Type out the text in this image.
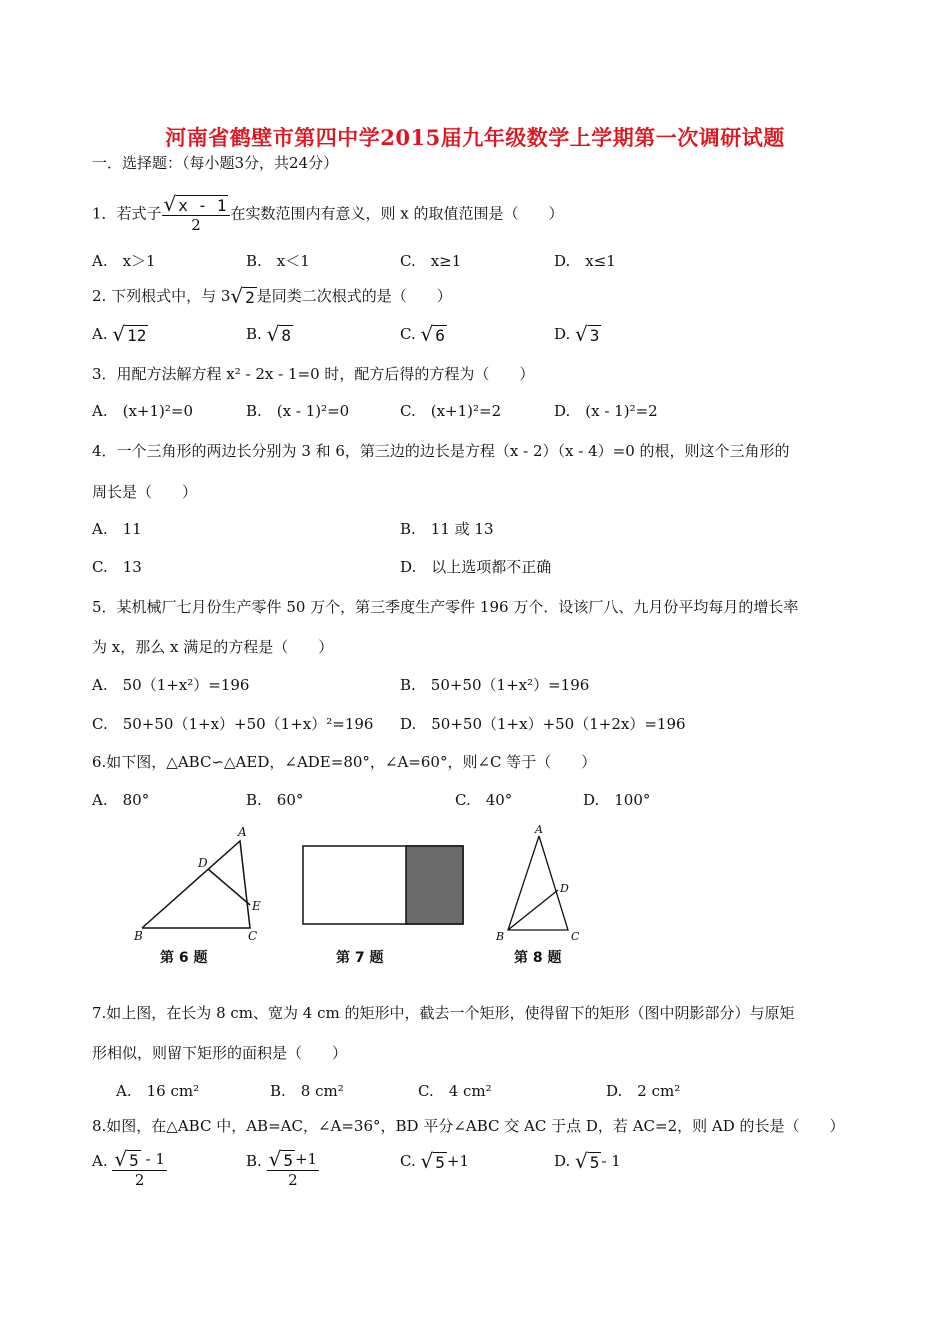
河南省鹤壁市第四中学2015届九年级数学上学期第一次调研试题
一．选择题：（每小题3分，共24分）
1．若式子 $\frac{√ x - 1}{2}$ 在实数范围内有意义，则 x 的取值范围是（　　）
A.　x＞1	B.　x＜1	C.　x≥1	D.　x≤1
2. 下列根式中，与 3√ 2 是同类二次根式的是（　　）
A. √ 12	B. √ 8	C. √ 6	D. √ 3
3．用配方法解方程 x² - 2x - 1=0 时，配方后得的方程为（　　）
A.　(x+1)²=0	B.　(x - 1)²=0	C.　(x+1)²=2	D.　(x - 1)²=2
4．一个三角形的两边长分别为 3 和 6，第三边的边长是方程（x - 2）（x - 4）=0 的根，则这个三角形的
周长是（　　）
A.　11	B.　11 或 13
C.　13	D.　以上选项都不正确
5．某机械厂七月份生产零件 50 万个，第三季度生产零件 196 万个．设该厂八、九月份平均每月的增长率
为 x，那么 x 满足的方程是（　　）
A.　50（1+x²）=196	B.　50+50（1+x²）=196
C.　50+50（1+x）+50（1+x）²=196 D.　50+50（1+x）+50（1+2x）=196
6.如下图，△ABC∽△AED，∠ADE=80°，∠A=60°，则∠C 等于（　　）
A.　80°	B.　60°	C.　40°	D.　100°
A
D
E
B	C
第 6 题	第 7 题
A
D
B	C
第 8 题
7.如上图，在长为 8 cm、宽为 4 cm 的矩形中，截去一个矩形，使得留下的矩形（图中阴影部分）与原矩
形相似，则留下矩形的面积是（　　）
A.　16 cm²	B.　8 cm²	C.　4 cm²	D.　2 cm²
8.如图，在△ABC 中，AB=AC，∠A=36°，BD 平分∠ABC 交 AC 于点 D，若 AC=2，则 AD 的长是（　　）
A. $\frac{√ 5 - 1}{2}$	B. $\frac{√ 5 +1}{2}$	C. √ 5 +1	D. √ 5 - 1
